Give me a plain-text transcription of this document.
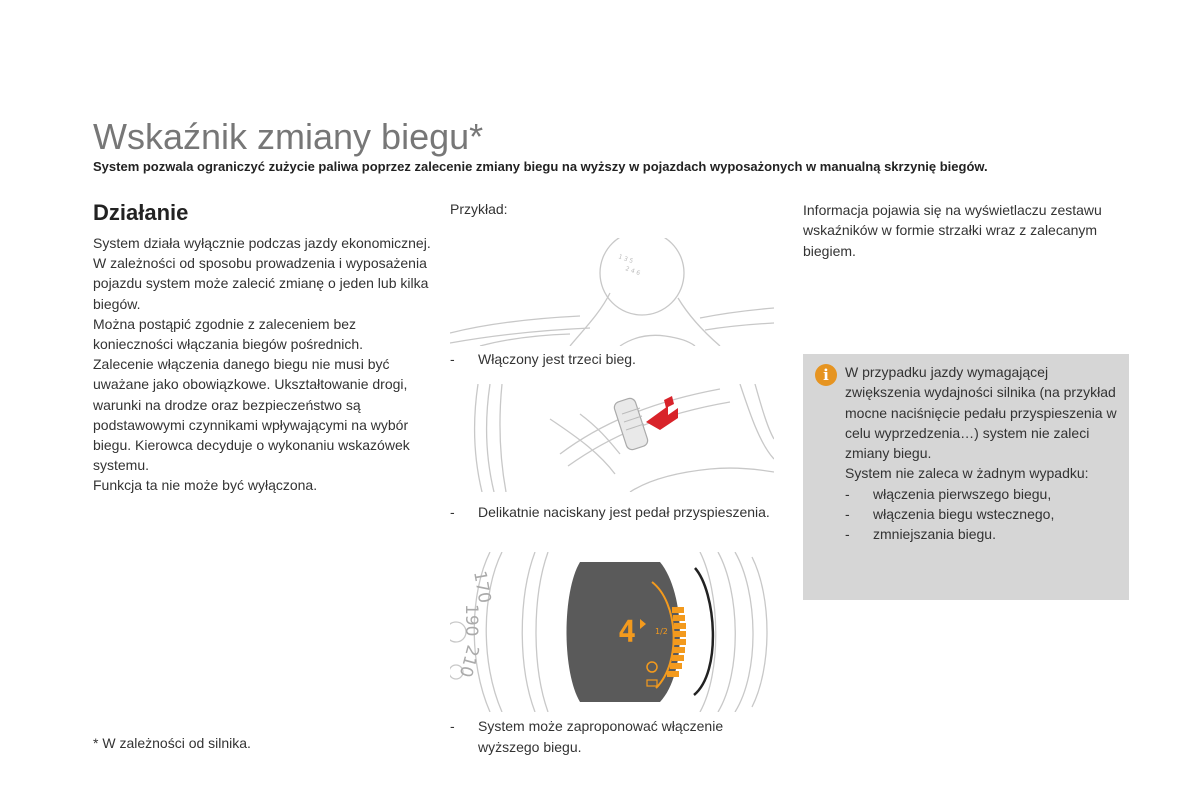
Wskaźnik zmiany biegu*
System pozwala ograniczyć zużycie paliwa poprzez zalecenie zmiany biegu na wyższy w pojazdach wyposażonych w manualną skrzynię biegów.
Działanie

System działa wyłącznie podczas jazdy ekonomicznej.

W zależności od sposobu prowadzenia i wyposażenia pojazdu system może zalecić zmianę o jeden lub kilka biegów.

Można postąpić zgodnie z zaleceniem bez konieczności włączania biegów pośrednich.

Zalecenie włączenia danego biegu nie musi być uważane jako obowiązkowe. Ukształtowanie drogi, warunki na drodze oraz bezpieczeństwo są podstawowymi czynnikami wpływającymi na wybór biegu. Kierowca decyduje o wykonaniu wskazówek systemu.

Funkcja ta nie może być wyłączona.

* W zależności od silnika.
Przykład:
1 3 5
2 4 6
- Włączony jest trzeci bieg.
- Delikatnie naciskany jest pedał przyspieszenia.
170
190
210
4 1/2
- System może zaproponować włączenie wyższego biegu.
Informacja pojawia się na wyświetlaczu zestawu wskaźników w formie strzałki wraz z zalecanym biegiem.
i	W przypadku jazdy wymagającej zwiększenia wydajności silnika (na przykład mocne naciśnięcie pedału przyspieszenia w celu wyprzedzenia…) system nie zaleci zmiany biegu.

System nie zaleca w żadnym wypadku:

- włączenia pierwszego biegu,
- włączenia biegu wstecznego,
- zmniejszania biegu.
